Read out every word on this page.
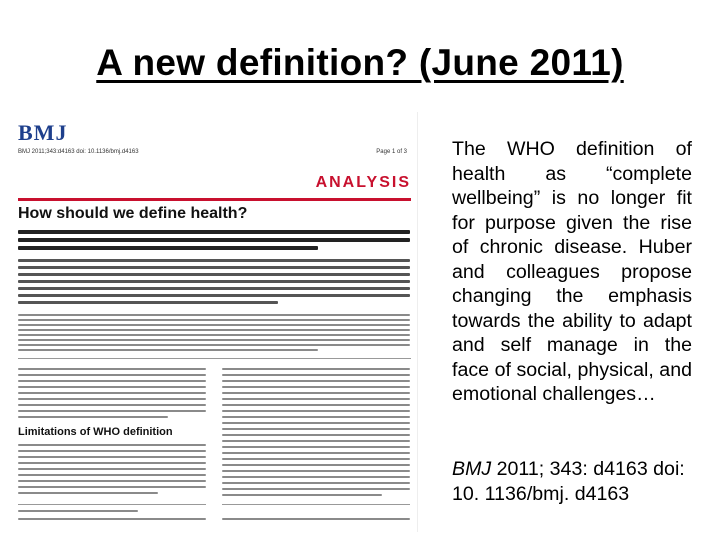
A new definition? (June 2011)
BMJ
BMJ 2011;343:d4163 doi: 10.1136/bmj.d4163	Page 1 of 3
ANALYSIS
How should we define health?
Limitations of WHO definition

The WHO definition of health as “complete wellbeing” is no longer fit for purpose given the rise of chronic disease. Huber and colleagues propose changing the emphasis towards the ability to adapt and self manage in the face of social, physical, and emotional challenges…

BMJ 2011; 343: d4163 doi: 10. 1136/bmj. d4163
